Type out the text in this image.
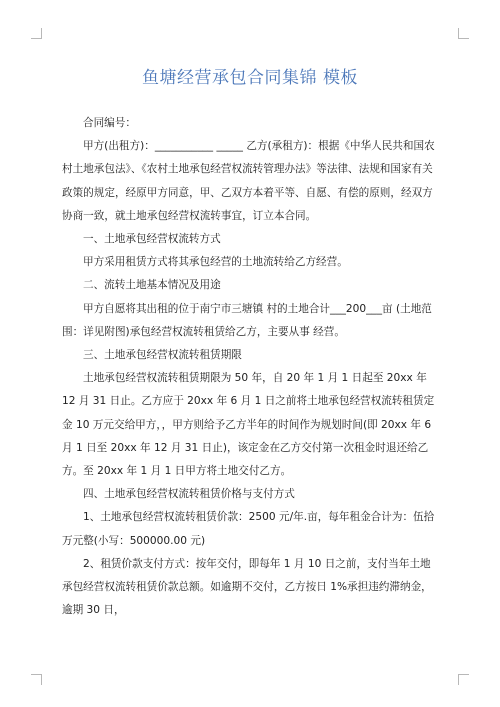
鱼塘经营承包合同集锦 模板

合同编号：

甲方(出租方)：___________ _____ 乙方(承租方)：根据《中华人民共和国农村土地承包法》、《农村土地承包经营权流转管理办法》等法律、法规和国家有关政策的规定，经原甲方同意，甲、乙双方本着平等、自愿、有偿的原则，经双方协商一致，就土地承包经营权流转事宜，订立本合同。

一、土地承包经营权流转方式

甲方采用租赁方式将其承包经营的土地流转给乙方经营。

二、流转土地基本情况及用途

甲方自愿将其出租的位于南宁市三塘镇 村的土地合计___200___亩 (土地范围：详见附图)承包经营权流转租赁给乙方，主要从事 经营。

三、土地承包经营权流转租赁期限

土地承包经营权流转租赁期限为 50 年，自 20 年 1 月 1 日起至 20xx 年 12 月 31 日止。乙方应于 20xx 年 6 月 1 日之前将土地承包经营权流转租赁定金 10 万元交给甲方，，甲方则给予乙方半年的时间作为规划时间(即 20xx 年 6 月 1 日至 20xx 年 12 月 31 日止)，该定金在乙方交付第一次租金时退还给乙方。至 20xx 年 1 月 1 日甲方将土地交付乙方。

四、土地承包经营权流转租赁价格与支付方式

1、土地承包经营权流转租赁价款：2500 元/年.亩，每年租金合计为：伍拾万元整(小写：500000.00 元)

2、租赁价款支付方式：按年交付，即每年 1 月 10 日之前，支付当年土地承包经营权流转租赁价款总额。如逾期不交付，乙方按日 1%承担违约滞纳金，逾期 30 日，
